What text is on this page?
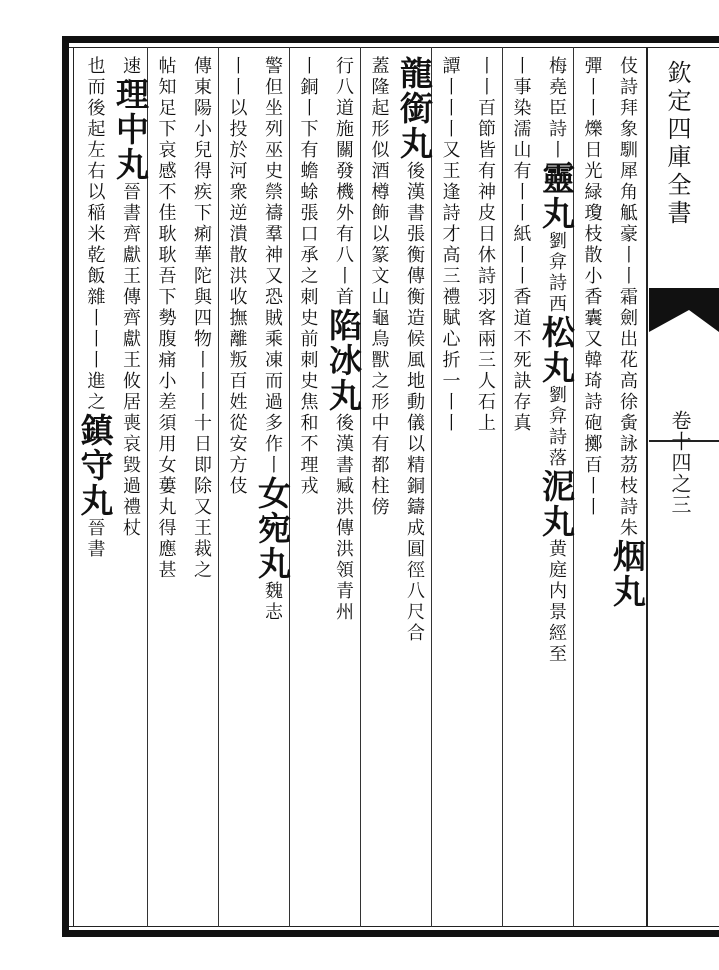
欽定四庫全書
卷十四之三
伎詩拜象馴犀角觝豪丨丨霜劍出花高徐夤詠茘枝詩朱烟丸
彈丨丨爍日光緑瓊枝散小香囊又韓琦詩砲擲百丨丨
梅堯臣詩丨靈丸劉弇詩西松丸劉弇詩落泥丸黄庭内景經至
丨事染濡山有丨丨紙丨丨香道不死訣存真
丨丨百節皆有神皮日休詩羽客兩三人石上
譚丨丨丨又王逢詩才高三禮賦心折一丨丨
龍銜丸後漢書張衡傳衡造候風地動儀以精銅鑄成圓徑八尺合
蓋隆起形似酒樽飾以篆文山龜鳥獸之形中有都柱傍
行八道施關發機外有八丨首陷冰丸後漢書臧洪傳洪領青州
丨銅丨下有蟾蜍張口承之刺史前刺史焦和不理戎
警但坐列巫史禜禱羣神又恐賊乘凍而過多作丨女宛丸魏志
丨丨以投於河衆逆潰散洪收撫離叛百姓從安方伎
傳東陽小兒得疾下痢華陀與四物丨丨丨十日即除又王裁之
帖知足下哀感不佳耿耿吾下勢腹痛小差須用女蔞丸得應甚
速理中丸晉書齊獻王傳齊獻王攸居喪哀毀過禮杖
也而後起左右以稲米乾飯雜丨丨丨進之鎮守丸晉書
